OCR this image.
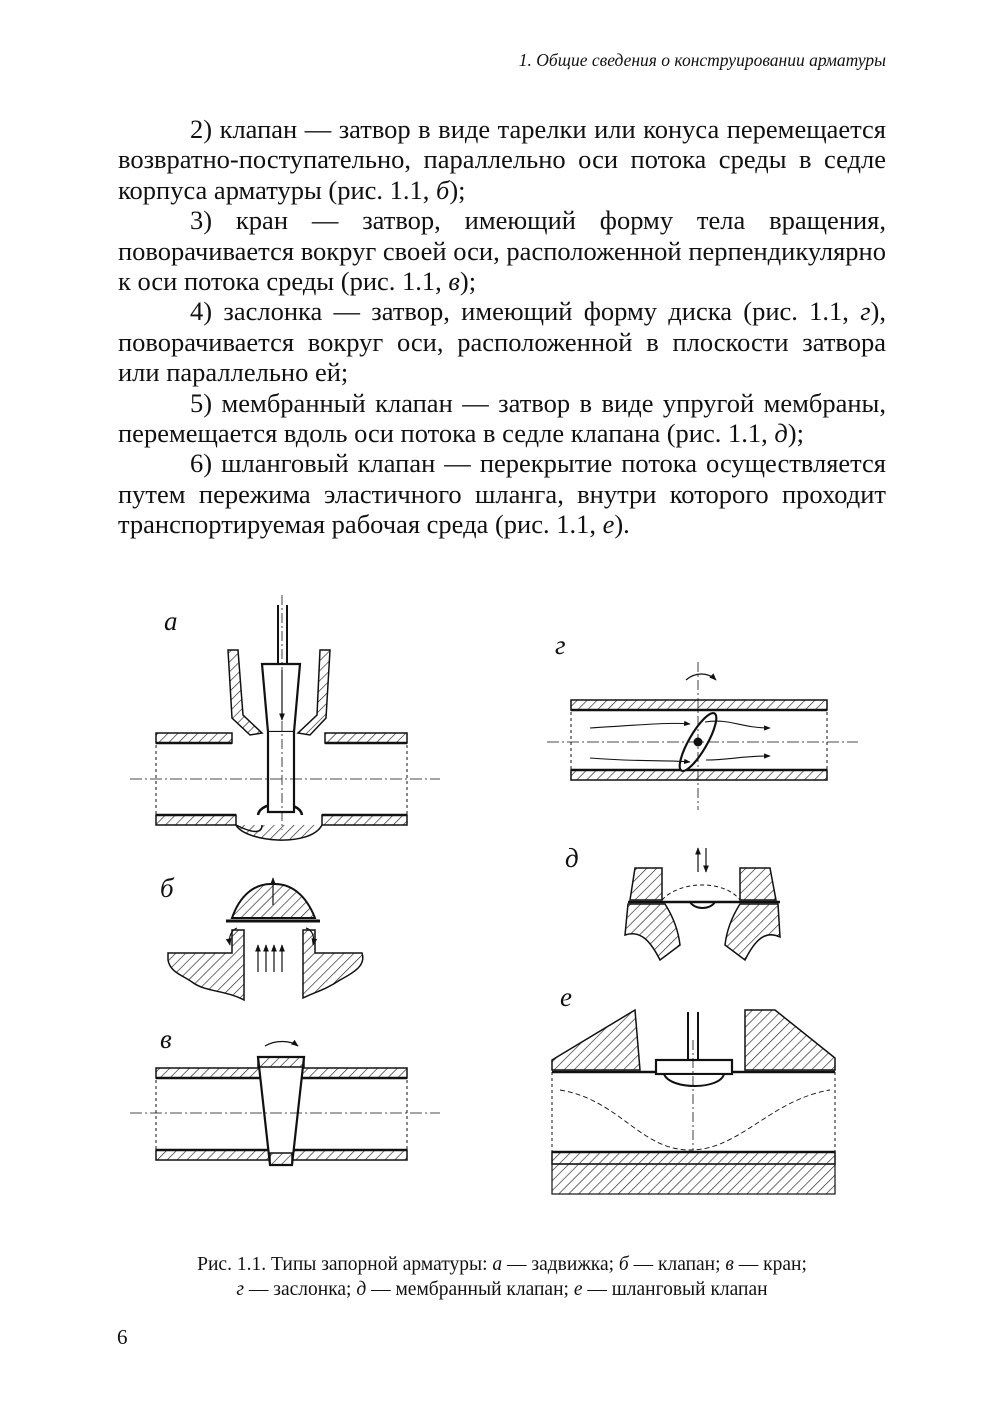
1. Общие сведения о конструировании арматуры

2) клапан — затвор в виде тарелки или конуса перемещается возвратно-поступательно, параллельно оси потока среды в седле корпуса арматуры (рис. 1.1, б);

3) кран — затвор, имеющий форму тела вращения, поворачивается вокруг своей оси, расположенной перпендикулярно к оси потока среды (рис. 1.1, в);

4) заслонка — затвор, имеющий форму диска (рис. 1.1, г), поворачивается вокруг оси, расположенной в плоскости затвора или параллельно ей;

5) мембранный клапан — затвор в виде упругой мембраны, перемещается вдоль оси потока в седле клапана (рис. 1.1, д);

6) шланговый клапан — перекрытие потока осуществляется путем пережима эластичного шланга, внутри которого проходит транспортируемая рабочая среда (рис. 1.1, е).

а
б
в
г
д
е
Рис. 1.1. Типы запорной арматуры: а — задвижка; б — клапан; в — кран;
г — заслонка; д — мембранный клапан; е — шланговый клапан
6
